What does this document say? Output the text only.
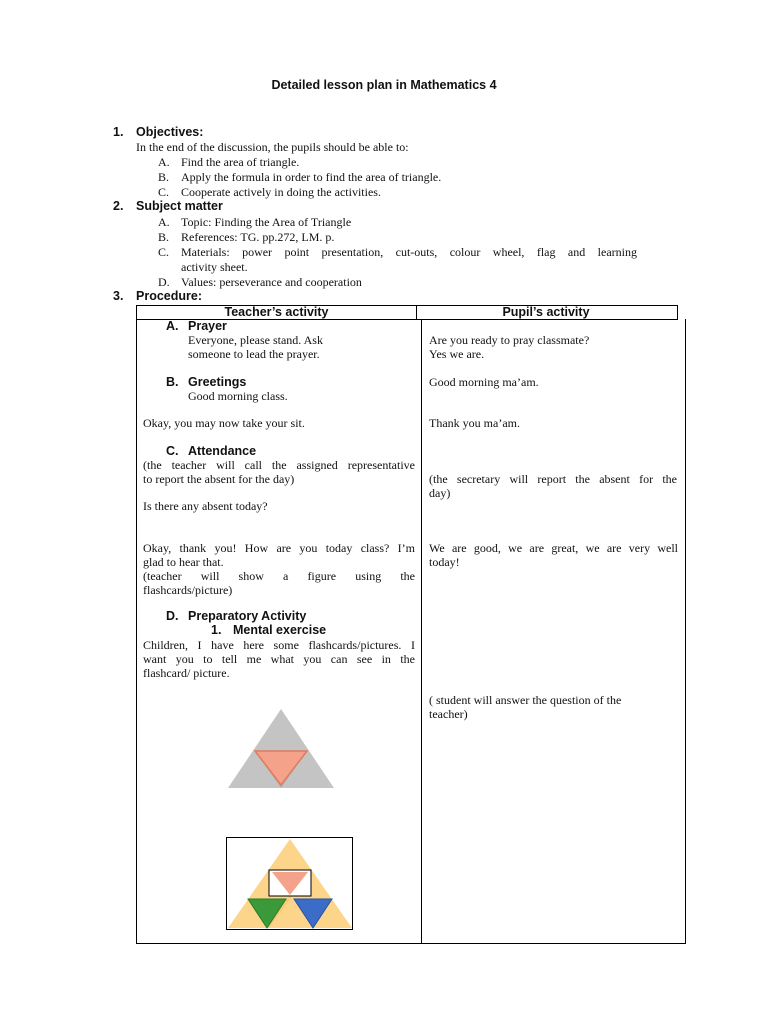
Detailed lesson plan in Mathematics 4
1. Objectives:
In the end of the discussion, the pupils should be able to:
A. Find the area of triangle.
B. Apply the formula in order to find the area of triangle.
C. Cooperate actively in doing the activities.
2. Subject matter
A. Topic: Finding the Area of Triangle
B. References: TG. pp.272, LM. p.
C. Materials: power point presentation, cut-outs, colour wheel, flag and learning
activity sheet.
D. Values: perseverance and cooperation
3. Procedure:
Teacher’s activity	Pupil’s activity
A. Prayer
Everyone, please stand. Ask
someone to lead the prayer.
Are you ready to pray classmate?
Yes we are.
B. Greetings
Good morning class.
Good morning ma’am.
Okay, you may now take your sit.	Thank you ma’am.
C. Attendance
(the teacher will call the assigned representative
to report the absent for the day)
Is there any absent today?
(the secretary will report the absent for the
day)
Okay, thank you! How are you today class? I’m
glad to hear that.
(teacher will show a figure using the
flashcards/picture)
We are good, we are great, we are very well
today!
D. Preparatory Activity
1. Mental exercise
Children, I have here some flashcards/pictures. I
want you to tell me what you can see in the
flashcard/ picture.
( student will answer the question of the
teacher)
